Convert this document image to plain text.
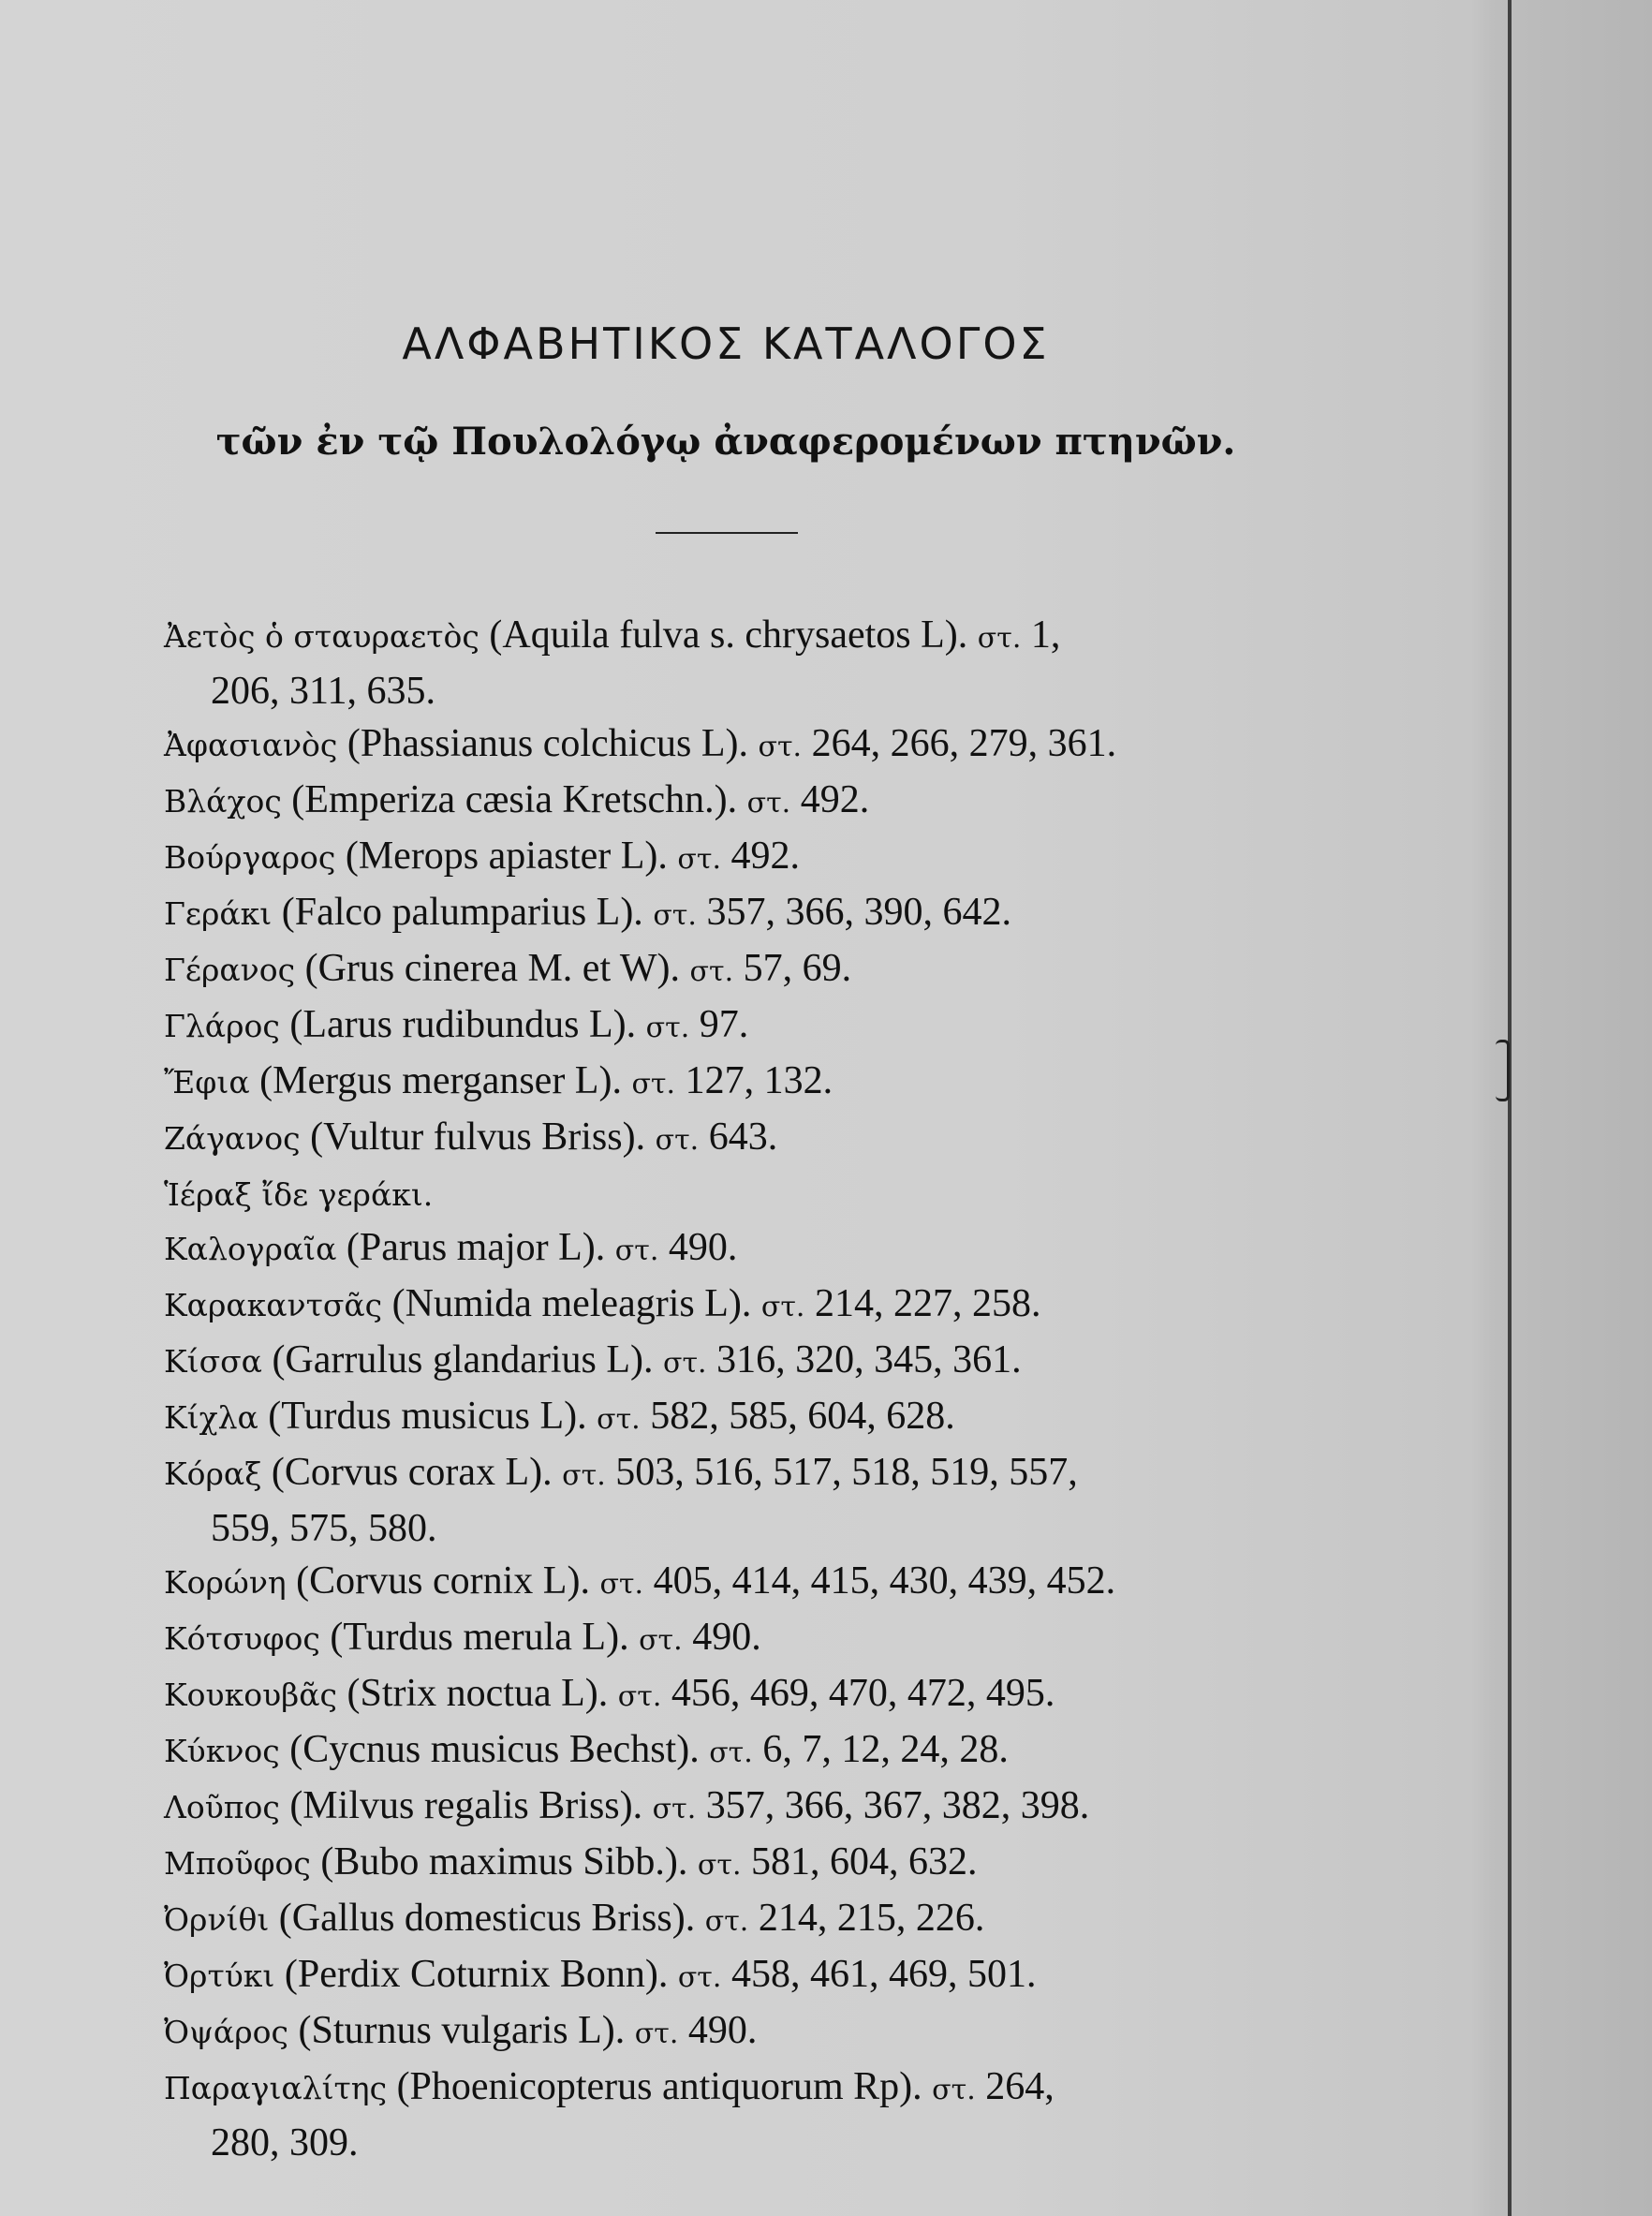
ΑΛΦΑΒΗΤΙΚΟΣ ΚΑΤΑΛΟΓΟΣ
τῶν ἐν τῷ Πουλολόγῳ ἀναφερομένων πτηνῶν.
Ἀετὸς ὁ σταυραετὸς (Aquila fulva s. chrysaetos L). στ. 1,
206, 311, 635.
Ἀφασιανὸς (Phassianus colchicus L). στ. 264, 266, 279, 361.
Βλάχος (Emperiza cæsia Kretschn.). στ. 492.
Βούργαρος (Merops apiaster L). στ. 492.
Γεράκι (Falco palumparius L). στ. 357, 366, 390, 642.
Γέρανος (Grus cinerea M. et W). στ. 57, 69.
Γλάρος (Larus rudibundus L). στ. 97.
Ἔφια (Mergus merganser L). στ. 127, 132.
Ζάγανος (Vultur fulvus Briss). στ. 643.
Ἱέραξ ἴδε γεράκι.
Καλογραῖα (Parus major L). στ. 490.
Καρακαντσᾶς (Numida meleagris L). στ. 214, 227, 258.
Κίσσα (Garrulus glandarius L). στ. 316, 320, 345, 361.
Κίχλα (Turdus musicus L). στ. 582, 585, 604, 628.
Κόραξ (Corvus corax L). στ. 503, 516, 517, 518, 519, 557,
559, 575, 580.
Κορώνη (Corvus cornix L). στ. 405, 414, 415, 430, 439, 452.
Κότσυφος (Turdus merula L). στ. 490.
Κουκουβᾶς (Strix noctua L). στ. 456, 469, 470, 472, 495.
Κύκνος (Cycnus musicus Bechst). στ. 6, 7, 12, 24, 28.
Λοῦπος (Milvus regalis Briss). στ. 357, 366, 367, 382, 398.
Μποῦφος (Bubo maximus Sibb.). στ. 581, 604, 632.
Ὀρνίθι (Gallus domesticus Briss). στ. 214, 215, 226.
Ὀρτύκι (Perdix Coturnix Bonn). στ. 458, 461, 469, 501.
Ὀψάρος (Sturnus vulgaris L). στ. 490.
Παραγιαλίτης (Phoenicopterus antiquorum Rp). στ. 264,
280, 309.
